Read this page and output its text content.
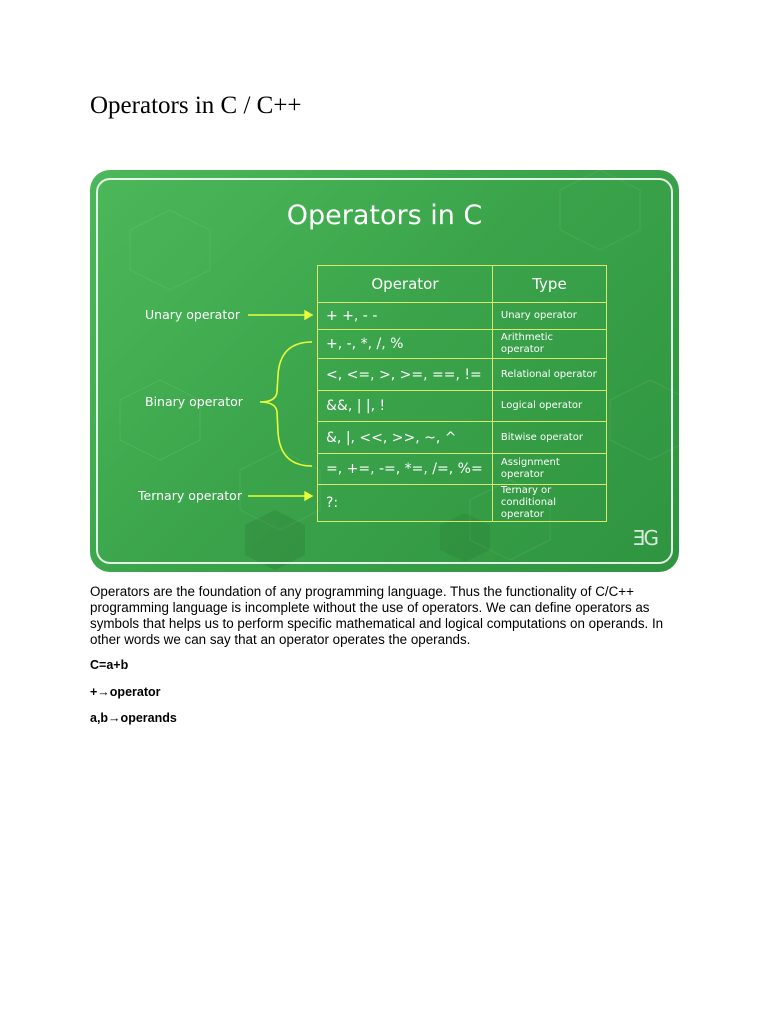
Operators in C / C++
Operators in C
Unary operator
Binary operator
Ternary operator
Operator	Type
+ +, - -	Unary operator
+, -, *, /, %	Arithmetic operator
<, <=, >, >=, ==, !=	Relational operator
&&, | |, !	Logical operator
&, |, <<, >>, ~, ^	Bitwise operator
=, +=, -=, *=, /=, %=	Assignment operator
?:	Ternary or conditional operator
ƎG

Operators are the foundation of any programming language. Thus the functionality of C/C++ programming language is incomplete without the use of operators. We can define operators as symbols that helps us to perform specific mathematical and logical computations on operands. In other words we can say that an operator operates the operands.

C=a+b

+→operator

a,b→operands
